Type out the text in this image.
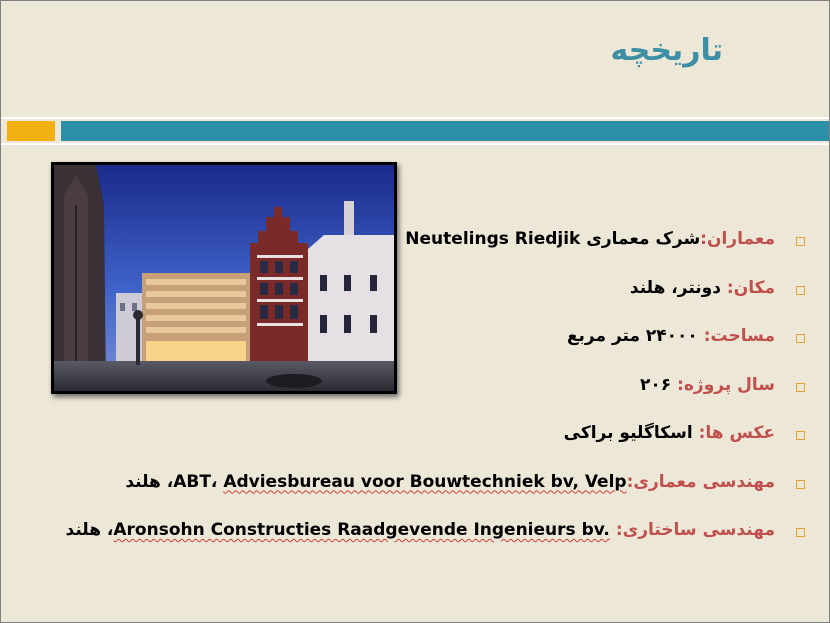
تاریخچه
معماران:شرک معماری Neutelings Riedjik
مکان: دونتر، هلند
مساحت: ۲۴۰۰۰ متر مربع
سال پروژه: ۲۰۶
عکس ها: اسکاگلیو براکی
مهندسی معماری:ABT، Adviesbureau voor Bouwtechniek bv, Velp، هلند
مهندسی ساختاری: Aronsohn Constructies Raadgevende Ingenieurs bv.، هلند
